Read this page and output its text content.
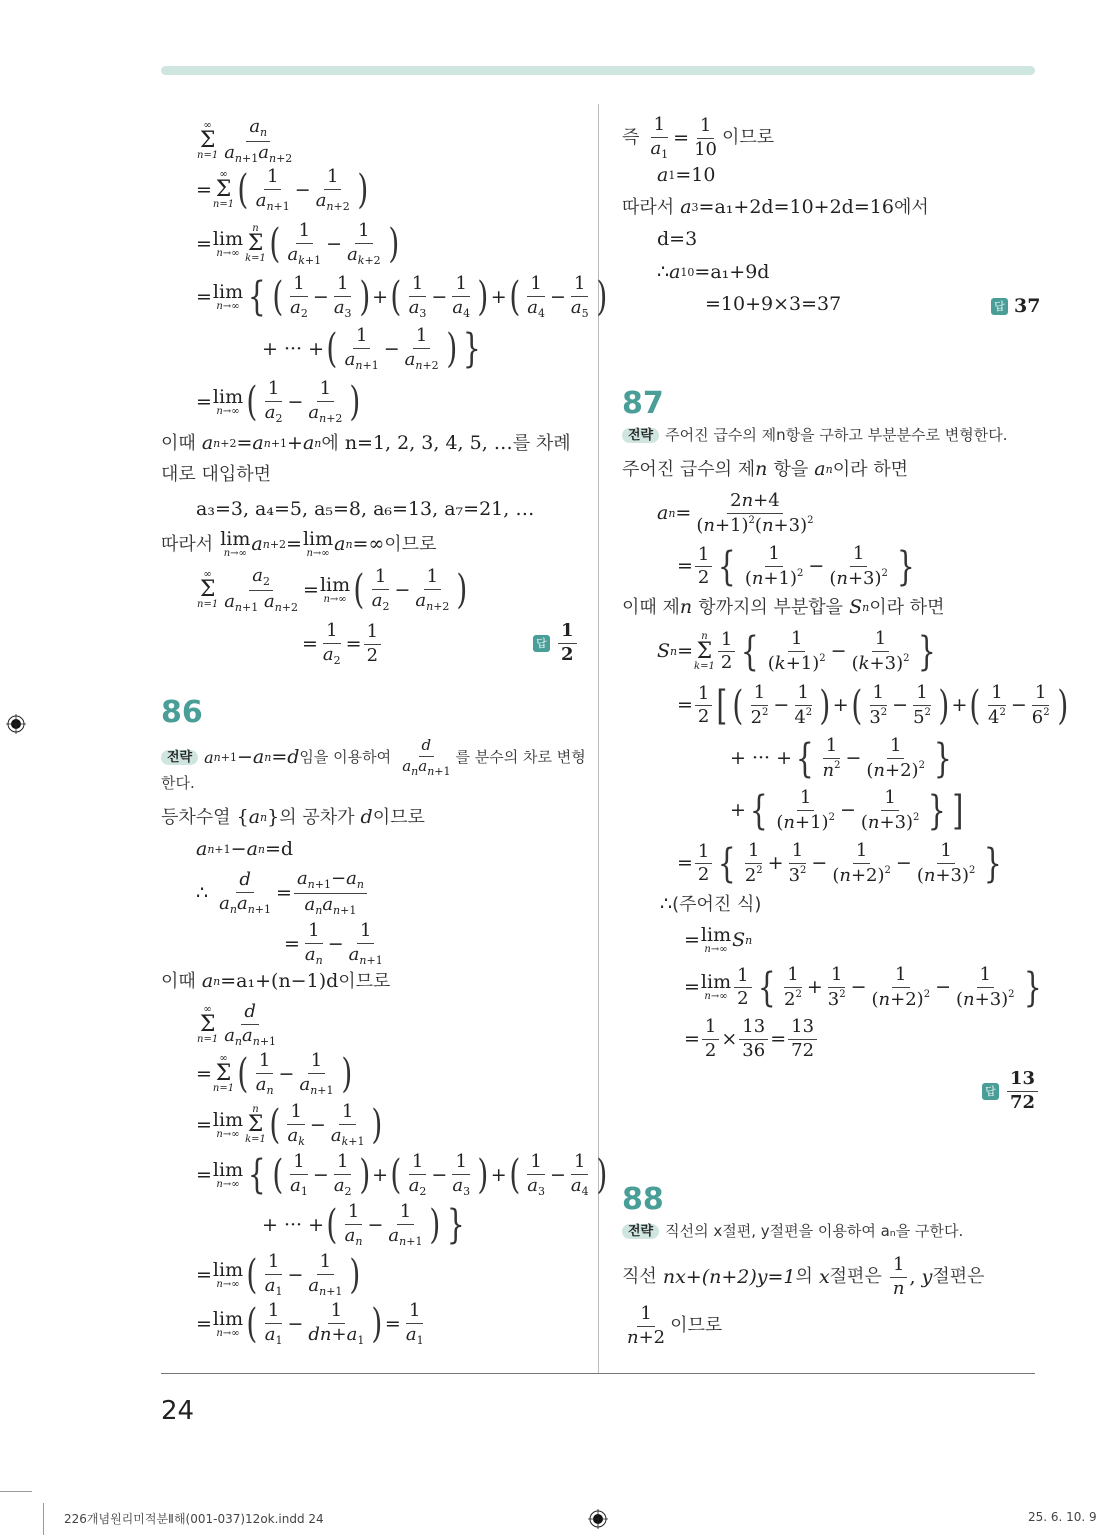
∞
Σ
$n=1 \frac{a_n}{a_{n+1}a_{n+2}}$
=
∞
Σ
n=1 ( $\frac{1}{a_{n+1}} - \frac{1}{a_{n+2}}$ )
= lim
n→∞
n
Σ
k=1 ( $\frac{1}{a_{k+1}} - \frac{1}{a_{k+2}}$ )
= lim
n→∞ { ( $\frac{1}{a_2} - \frac{1}{a_3}$ ) + ( $\frac{1}{a_3} - \frac{1}{a_4}$ ) + ( $\frac{1}{a_4} - \frac{1}{a_5}$ )
+ ··· + ( $\frac{1}{a_{n+1}} - \frac{1}{a_{n+2}}$ ) }
= lim
n→∞ ( $\frac{1}{a_2} - \frac{1}{a_{n+2}}$ )
이때
a n+2 = a n+1 + a n 에
n=1, 2, 3, 4, 5, … 를 차례
대로 대입하면
a₃=3, a₄=5, a₅=8, a₆=13, a₇=21, …
따라서
lim
n→∞ a n+2 = lim
n→∞ a n =∞ 이므로
∞
Σ
$n=1 \frac{a_2}{a_{n+1} a_{n+2}} = \lim$
n→∞ ( $\frac{1}{a_2} - \frac{1}{a_{n+2}}$ )
= $\frac{1}{a_2} = \frac{1}{2}$	답 $\frac{1}{2}$
86
전략 a n+1 − a n = d 임을 이용하여
$\frac{d}{a_na_{n+1}}$ 를 분수의 차로 변형
한다.
등차수열 { a n } 의 공차가
d 이므로
a n+1 − a n =d
∴ $\frac{d}{a_na_{n+1}} = \frac{a_{n+1}-a_n}{a_na_{n+1}}$
= $\frac{1}{a_n} - \frac{1}{a_{n+1}}$
이때
a n =a₁+(n−1)d 이므로
∞
Σ
$n=1 \frac{d}{a_na_{n+1}}$
=
∞
Σ
n=1 ( $\frac{1}{a_n} - \frac{1}{a_{n+1}}$ )
= lim
n→∞
n
Σ
k=1 ( $\frac{1}{a_k} - \frac{1}{a_{k+1}}$ )
= lim
n→∞ { ( $\frac{1}{a_1} - \frac{1}{a_2}$ ) + ( $\frac{1}{a_2} - \frac{1}{a_3}$ ) + ( $\frac{1}{a_3} - \frac{1}{a_4}$ )
+ ··· + ( $\frac{1}{a_n} - \frac{1}{a_{n+1}}$ ) }
= lim
n→∞ ( $\frac{1}{a_1} - \frac{1}{a_{n+1}}$ )
= lim
n→∞ ( $\frac{1}{a_1} - \frac{1}{dn+a_1}$ ) = $\frac{1}{a_1}$
즉
$\frac{1}{a_1} = \frac{1}{10}$ 이므로
a 1 =10
따라서
a 3 =a₁+2d=10+2d=16 에서
d=3
∴ a 10 =a₁+9d
=10+9×3=37	답 37
87
전략 주어진 급수의 제n항을 구하고 부분분수로 변형한다.
주어진 급수의 제 n
항을
a n 이라 하면
a $n = \frac{2n+4}{(n+1)^2(n+3)^2}$
= $\frac{1}{2}$ { $\frac{1}{(n+1)^2} - \frac{1}{(n+3)^2}$ }
이때 제 n
항까지의 부분합을
S n 이라 하면
S n =
n
Σ
$k=1 \frac{1}{2}$ { $\frac{1}{(k+1)^2} - \frac{1}{(k+3)^2}$ }
= $\frac{1}{2}$ [ ( $\frac{1}{2^2} - \frac{1}{4^2}$ ) + ( $\frac{1}{3^2} - \frac{1}{5^2}$ ) + ( $\frac{1}{4^2} - \frac{1}{6^2}$ )
+ ··· + { $\frac{1}{n^2} - \frac{1}{(n+2)^2}$ }
+ { $\frac{1}{(n+1)^2} - \frac{1}{(n+3)^2}$ } ]
= $\frac{1}{2}$ { $\frac{1}{2^2} + \frac{1}{3^2} - \frac{1}{(n+2)^2} - \frac{1}{(n+3)^2}$ }
∴ (주어진 식)
= lim
n→∞ S n
= lim
$n\to\infty \frac{1}{2}$ { $\frac{1}{2^2} + \frac{1}{3^2} - \frac{1}{(n+2)^2} - \frac{1}{(n+3)^2}$ }
= $\frac{1}{2} \times \frac{13}{36} = \frac{13}{72}$
답 $\frac{13}{72}$
88
전략 직선의 x절편, y절편을 이용하여 aₙ을 구한다.
직선
nx+(n+2)y=1 의
x 절편은
$\frac{1}{n}$ , y 절편은
$\frac{1}{n+2}$ 이므로
24
226개념원리미적분Ⅱ해(001-037)12ok.indd 24	25. 6. 10. 9
